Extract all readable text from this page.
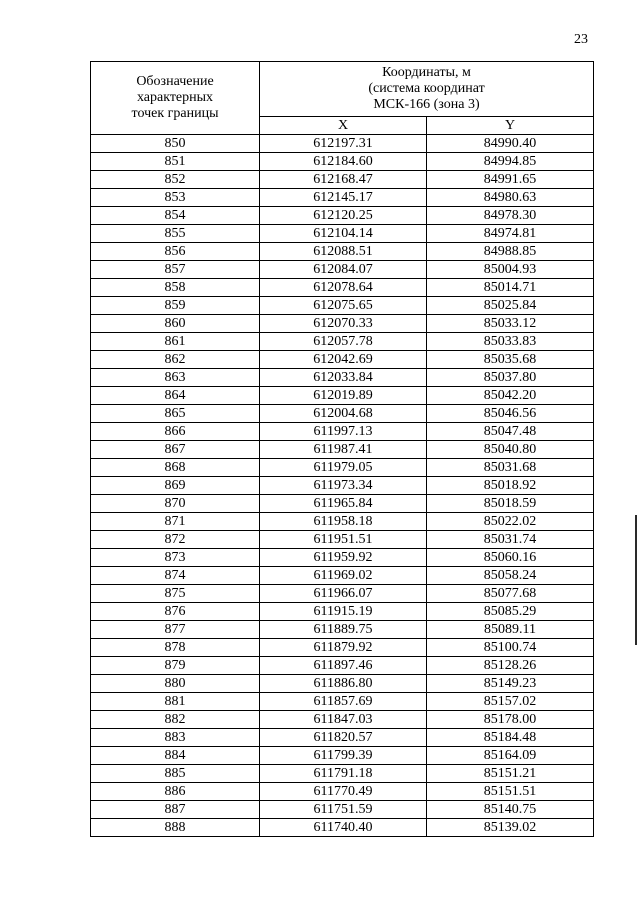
23
Обозначение
характерных
точек границы	Координаты, м
(система координат
МСК-166 (зона 3)	
	X	Y
850	612197.31	84990.40
851	612184.60	84994.85
852	612168.47	84991.65
853	612145.17	84980.63
854	612120.25	84978.30
855	612104.14	84974.81
856	612088.51	84988.85
857	612084.07	85004.93
858	612078.64	85014.71
859	612075.65	85025.84
860	612070.33	85033.12
861	612057.78	85033.83
862	612042.69	85035.68
863	612033.84	85037.80
864	612019.89	85042.20
865	612004.68	85046.56
866	611997.13	85047.48
867	611987.41	85040.80
868	611979.05	85031.68
869	611973.34	85018.92
870	611965.84	85018.59
871	611958.18	85022.02
872	611951.51	85031.74
873	611959.92	85060.16
874	611969.02	85058.24
875	611966.07	85077.68
876	611915.19	85085.29
877	611889.75	85089.11
878	611879.92	85100.74
879	611897.46	85128.26
880	611886.80	85149.23
881	611857.69	85157.02
882	611847.03	85178.00
883	611820.57	85184.48
884	611799.39	85164.09
885	611791.18	85151.21
886	611770.49	85151.51
887	611751.59	85140.75
888	611740.40	85139.02
